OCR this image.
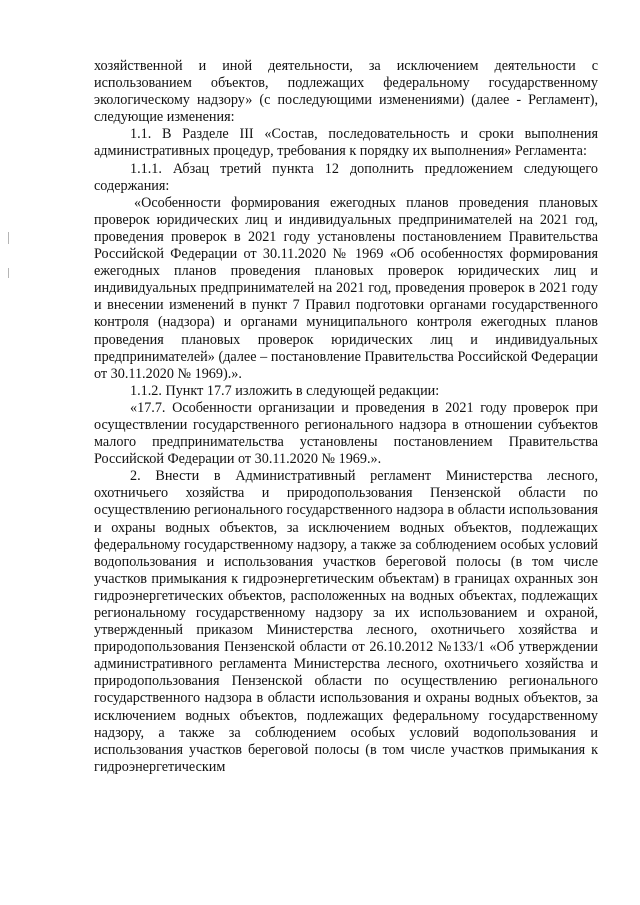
хозяйственной и иной деятельности, за исключением деятельности с использованием объектов, подлежащих федеральному государственному экологическому надзору» (с последующими изменениями) (далее - Регламент), следующие изменения:

1.1. В Разделе III «Состав, последовательность и сроки выполнения административных процедур, требования к порядку их выполнения» Регламента:

1.1.1. Абзац третий пункта 12 дополнить предложением следующего содержания:

«Особенности формирования ежегодных планов проведения плановых проверок юридических лиц и индивидуальных предпринимателей на 2021 год, проведения проверок в 2021 году установлены постановлением Правительства Российской Федерации от 30.11.2020 № 1969 «Об особенностях формирования ежегодных планов проведения плановых проверок юридических лиц и индивидуальных предпринимателей на 2021 год, проведения проверок в 2021 году и внесении изменений в пункт 7 Правил подготовки органами государственного контроля (надзора) и органами муниципального контроля ежегодных планов проведения плановых проверок юридических лиц и индивидуальных предпринимателей» (далее – постановление Правительства Российской Федерации от 30.11.2020 № 1969).».

1.1.2. Пункт 17.7 изложить в следующей редакции:

«17.7. Особенности организации и проведения в 2021 году проверок при осуществлении государственного регионального надзора в отношении субъектов малого предпринимательства установлены постановлением Правительства Российской Федерации от 30.11.2020 № 1969.».

2. Внести в Административный регламент Министерства лесного, охотничьего хозяйства и природопользования Пензенской области по осуществлению регионального государственного надзора в области использования и охраны водных объектов, за исключением водных объектов, подлежащих федеральному государственному надзору, а также за соблюдением особых условий водопользования и использования участков береговой полосы (в том числе участков примыкания к гидроэнергетическим объектам) в границах охранных зон гидроэнергетических объектов, расположенных на водных объектах, подлежащих региональному государственному надзору за их использованием и охраной, утвержденный приказом Министерства лесного, охотничьего хозяйства и природопользования Пензенской области от 26.10.2012 №133/1 «Об утверждении административного регламента Министерства лесного, охотничьего хозяйства и природопользования Пензенской области по осуществлению регионального государственного надзора в области использования и охраны водных объектов, за исключением водных объектов, подлежащих федеральному государственному надзору, а также за соблюдением особых условий водопользования и использования участков береговой полосы (в том числе участков примыкания к гидроэнергетическим
